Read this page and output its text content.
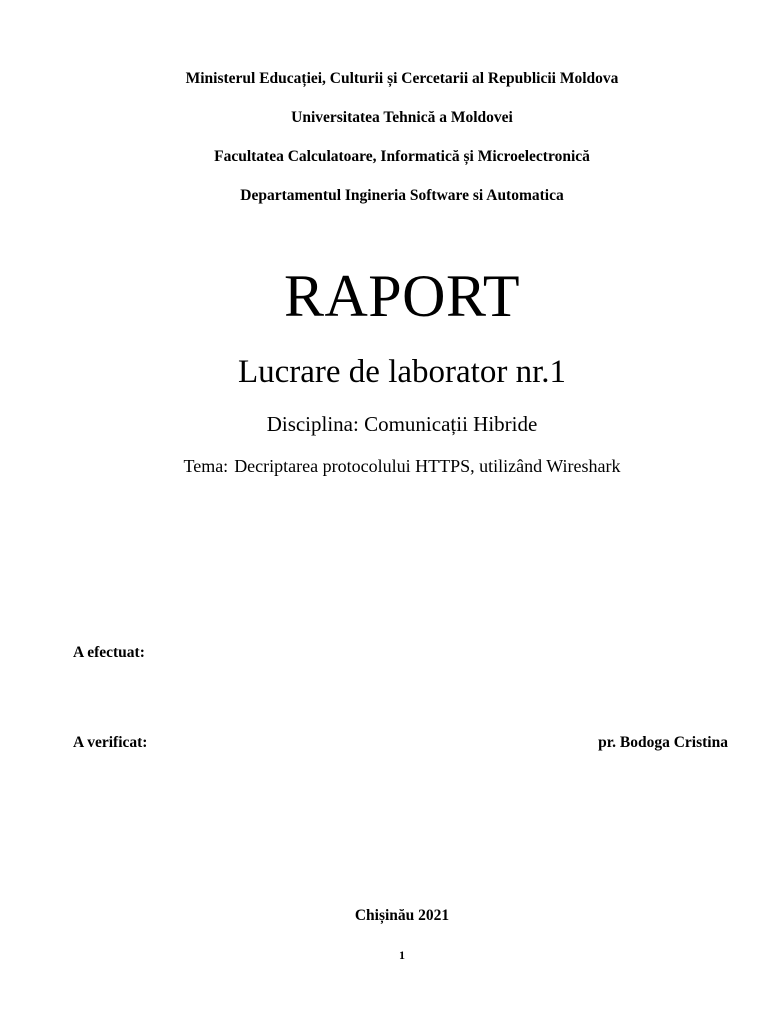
Ministerul Educației, Culturii și Cercetarii al Republicii Moldova
Universitatea Tehnică a Moldovei
Facultatea Calculatoare, Informatică și Microelectronică
Departamentul Ingineria Software si Automatica
RAPORT
Lucrare de laborator nr.1
Disciplina: Comunicații Hibride
Tema: Decriptarea protocolului HTTPS, utilizând Wireshark
A efectuat:
A verificat:	pr. Bodoga Cristina
Chișinău 2021
1
